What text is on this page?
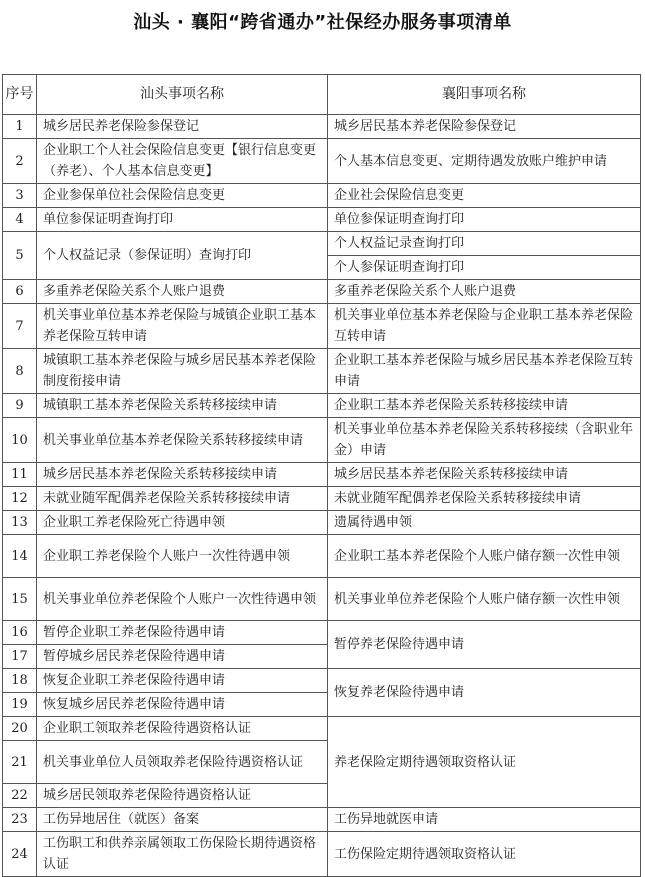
汕头 · 襄阳“跨省通办”社保经办服务事项清单
序号	汕头事项名称	襄阳事项名称
1	城乡居民养老保险参保登记	城乡居民基本养老保险参保登记
2	企业职工个人社会保险信息变更【银行信息变更（养老）、个人基本信息变更】	个人基本信息变更、定期待遇发放账户维护申请
3	企业参保单位社会保险信息变更	企业社会保险信息变更
4	单位参保证明查询打印	单位参保证明查询打印
5	个人权益记录（参保证明）查询打印	个人权益记录查询打印
		个人参保证明查询打印
6	多重养老保险关系个人账户退费	多重养老保险关系个人账户退费
7	机关事业单位基本养老保险与城镇企业职工基本养老保险互转申请	机关事业单位基本养老保险与企业职工基本养老保险互转申请
8	城镇职工基本养老保险与城乡居民基本养老保险制度衔接申请	企业职工基本养老保险与城乡居民基本养老保险互转申请
9	城镇职工基本养老保险关系转移接续申请	企业职工基本养老保险关系转移接续申请
10	机关事业单位基本养老保险关系转移接续申请	机关事业单位基本养老保险关系转移接续（含职业年金）申请
11	城乡居民基本养老保险关系转移接续申请	城乡居民基本养老保险关系转移接续申请
12	未就业随军配偶养老保险关系转移接续申请	未就业随军配偶养老保险关系转移接续申请
13	企业职工养老保险死亡待遇申领	遗属待遇申领
14	企业职工养老保险个人账户一次性待遇申领	企业职工基本养老保险个人账户储存额一次性申领
15	机关事业单位养老保险个人账户一次性待遇申领	机关事业单位养老保险个人账户储存额一次性申领
16	暂停企业职工养老保险待遇申请	暂停养老保险待遇申请
17	暂停城乡居民养老保险待遇申请	
18	恢复企业职工养老保险待遇申请	恢复养老保险待遇申请
19	恢复城乡居民养老保险待遇申请	
20	企业职工领取养老保险待遇资格认证	养老保险定期待遇领取资格认证
21	机关事业单位人员领取养老保险待遇资格认证	
22	城乡居民领取养老保险待遇资格认证	
23	工伤异地居住（就医）备案	工伤异地就医申请
24	工伤职工和供养亲属领取工伤保险长期待遇资格认证	工伤保险定期待遇领取资格认证
